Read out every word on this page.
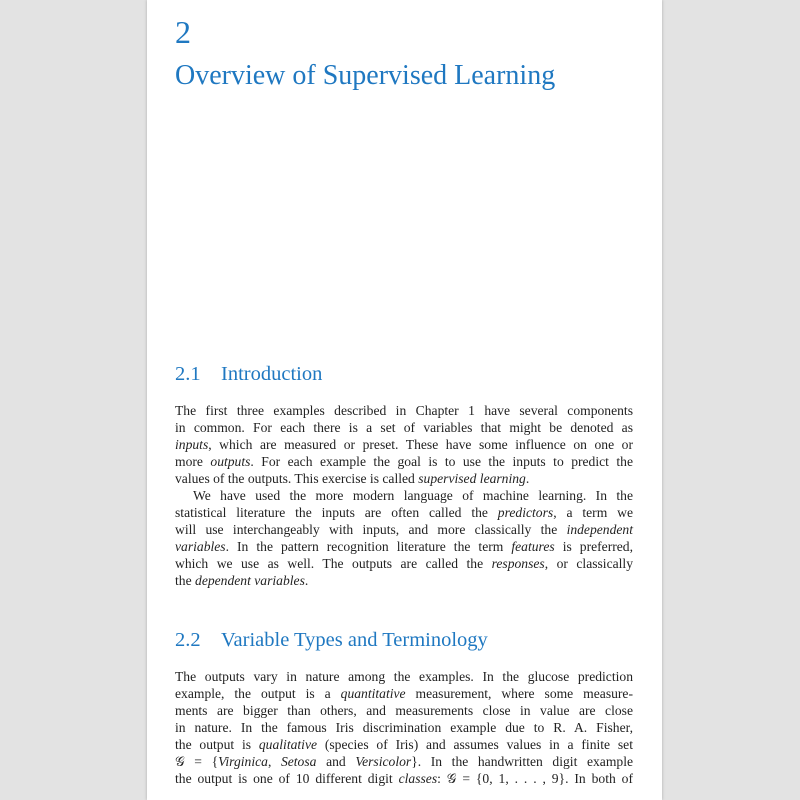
2
Overview of Supervised Learning
2.1 Introduction
The first three examples described in Chapter 1 have several components
in common. For each there is a set of variables that might be denoted as
inputs, which are measured or preset. These have some influence on one or
more outputs. For each example the goal is to use the inputs to predict the
values of the outputs. This exercise is called supervised learning.
We have used the more modern language of machine learning. In the
statistical literature the inputs are often called the predictors, a term we
will use interchangeably with inputs, and more classically the independent
variables. In the pattern recognition literature the term features is preferred,
which we use as well. The outputs are called the responses, or classically
the dependent variables.
2.2 Variable Types and Terminology
The outputs vary in nature among the examples. In the glucose prediction
example, the output is a quantitative measurement, where some measure-
ments are bigger than others, and measurements close in value are close
in nature. In the famous Iris discrimination example due to R. A. Fisher,
the output is qualitative (species of Iris) and assumes values in a finite set
𝒢 = {Virginica, Setosa and Versicolor}. In the handwritten digit example
the output is one of 10 different digit classes: 𝒢 = {0, 1, . . . , 9}. In both of
